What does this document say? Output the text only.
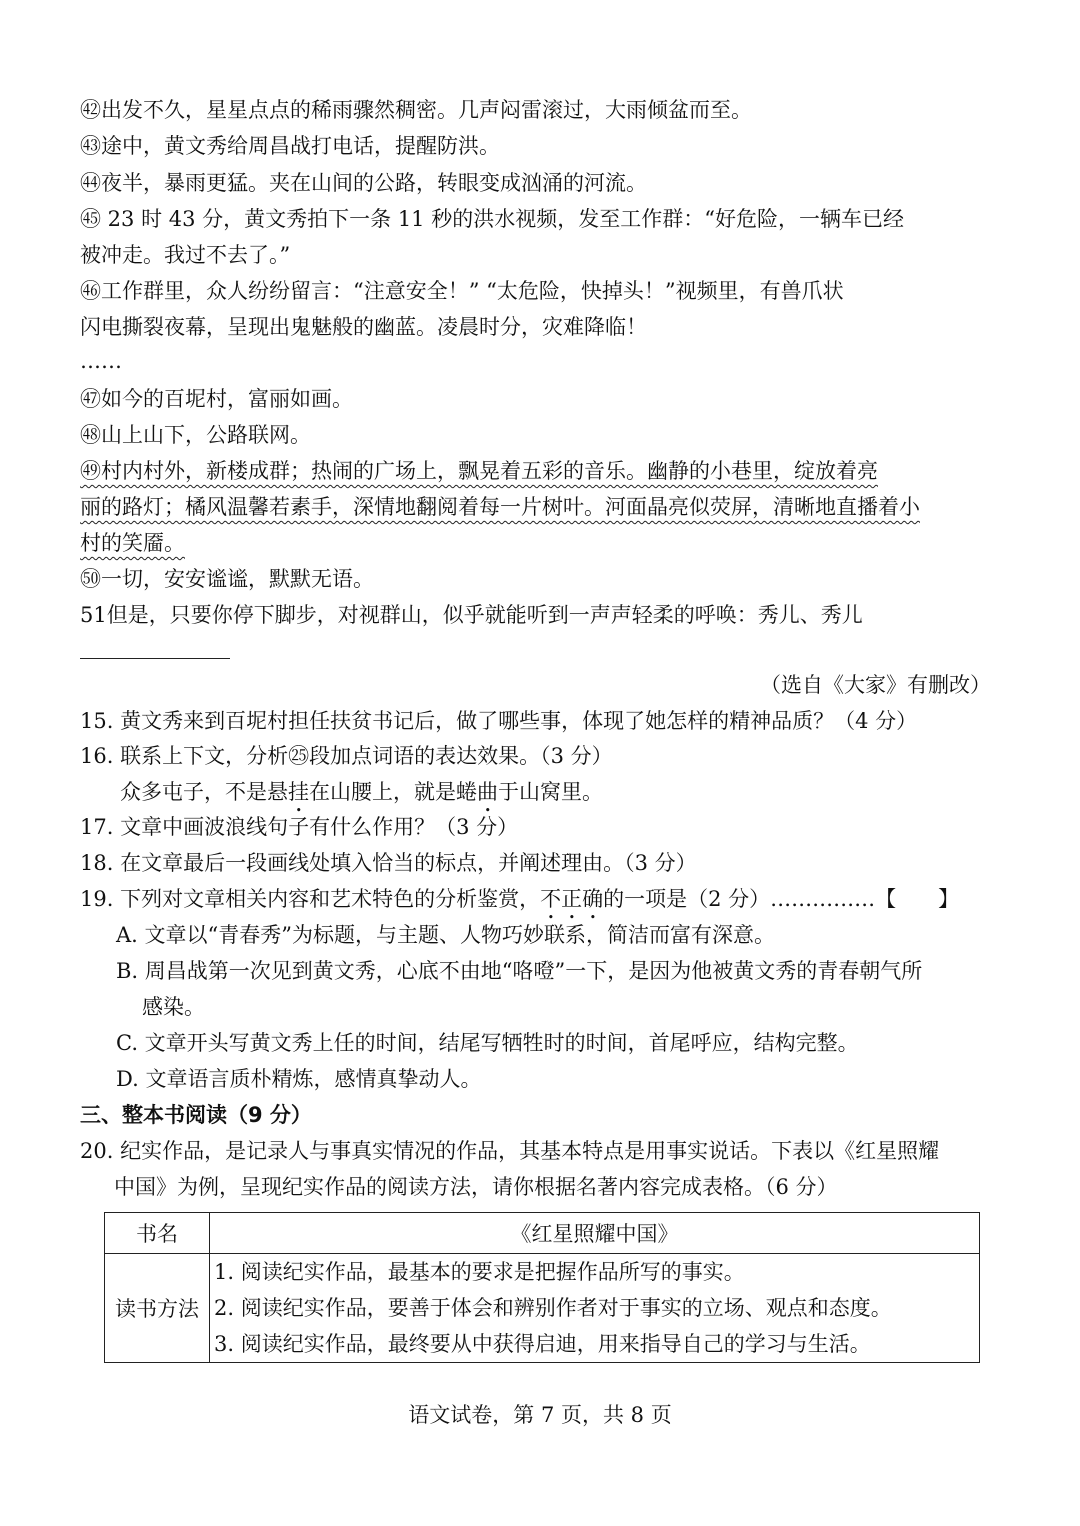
㊷出发不久，星星点点的稀雨骤然稠密。几声闷雷滚过，大雨倾盆而至。
㊸途中，黄文秀给周昌战打电话，提醒防洪。
㊹夜半，暴雨更猛。夹在山间的公路，转眼变成汹涌的河流。
㊺ 23 时 43 分，黄文秀拍下一条 11 秒的洪水视频，发至工作群：“好危险，一辆车已经
被冲走。我过不去了。”
㊻工作群里，众人纷纷留言：“注意安全！” “太危险，快掉头！”视频里，有兽爪状
闪电撕裂夜幕，呈现出鬼魅般的幽蓝。凌晨时分，灾难降临！
……
㊼如今的百坭村，富丽如画。
㊽山上山下，公路联网。
㊾村内村外，新楼成群；热闹的广场上，飘晃着五彩的音乐。幽静的小巷里，绽放着亮
丽的路灯；橘风温馨若素手，深情地翻阅着每一片树叶。河面晶亮似荧屏，清晰地直播着小
村的笑靥。
㊿一切，安安谧谧，默默无语。
51但是，只要你停下脚步，对视群山，似乎就能听到一声声轻柔的呼唤：秀儿、秀儿
（选自《大家》有删改）
15. 黄文秀来到百坭村担任扶贫书记后，做了哪些事，体现了她怎样的精神品质？（4 分）
16. 联系上下文，分析㉕段加点词语的表达效果。（3 分）
众多屯子，不是悬挂在山腰上，就是蜷曲于山窝里。
17. 文章中画波浪线句子有什么作用？（3 分）
18. 在文章最后一段画线处填入恰当的标点，并阐述理由。（3 分）
19. 下列对文章相关内容和艺术特色的分析鉴赏，不正确的一项是（2 分）……………【　　】
A. 文章以“青春秀”为标题，与主题、人物巧妙联系，简洁而富有深意。
B. 周昌战第一次见到黄文秀，心底不由地“咯噔”一下，是因为他被黄文秀的青春朝气所
感染。
C. 文章开头写黄文秀上任的时间，结尾写牺牲时的时间，首尾呼应，结构完整。
D. 文章语言质朴精炼，感情真挚动人。
三、整本书阅读（9 分）
20. 纪实作品，是记录人与事真实情况的作品，其基本特点是用事实说话。下表以《红星照耀
中国》为例，呈现纪实作品的阅读方法，请你根据名著内容完成表格。（6 分）
书名	《红星照耀中国》
读书方法	1. 阅读纪实作品，最基本的要求是把握作品所写的事实。
2. 阅读纪实作品，要善于体会和辨别作者对于事实的立场、观点和态度。
3. 阅读纪实作品，最终要从中获得启迪，用来指导自己的学习与生活。
语文试卷，第 7 页，共 8 页
